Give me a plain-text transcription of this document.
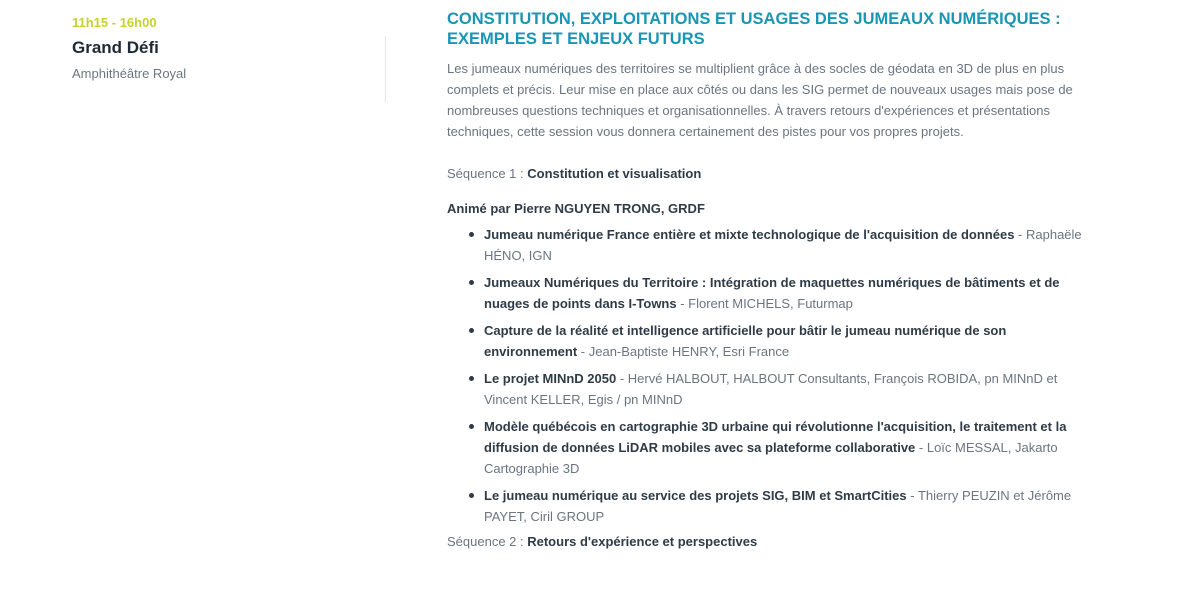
11h15 - 16h00

Grand Défi

Amphithéâtre Royal

CONSTITUTION, EXPLOITATIONS ET USAGES DES JUMEAUX NUMÉRIQUES : EXEMPLES ET ENJEUX FUTURS

Les jumeaux numériques des territoires se multiplient grâce à des socles de géodata en 3D de plus en plus complets et précis. Leur mise en place aux côtés ou dans les SIG permet de nouveaux usages mais pose de nombreuses questions techniques et organisationnelles. À travers retours d'expériences et présentations techniques, cette session vous donnera certainement des pistes pour vos propres projets.

Séquence 1 : Constitution et visualisation

Animé par Pierre NGUYEN TRONG, GRDF

Jumeau numérique France entière et mixte technologique de l'acquisition de données - Raphaële HÉNO, IGN
Jumeaux Numériques du Territoire : Intégration de maquettes numériques de bâtiments et de nuages de points dans I-Towns - Florent MICHELS, Futurmap
Capture de la réalité et intelligence artificielle pour bâtir le jumeau numérique de son environnement - Jean-Baptiste HENRY, Esri France
Le projet MINnD 2050 - Hervé HALBOUT, HALBOUT Consultants, François ROBIDA, pn MINnD et Vincent KELLER, Egis / pn MINnD
Modèle québécois en cartographie 3D urbaine qui révolutionne l'acquisition, le traitement et la diffusion de données LiDAR mobiles avec sa plateforme collaborative - Loïc MESSAL, Jakarto Cartographie 3D
Le jumeau numérique au service des projets SIG, BIM et SmartCities - Thierry PEUZIN et Jérôme PAYET, Ciril GROUP

Séquence 2 : Retours d'expérience et perspectives
